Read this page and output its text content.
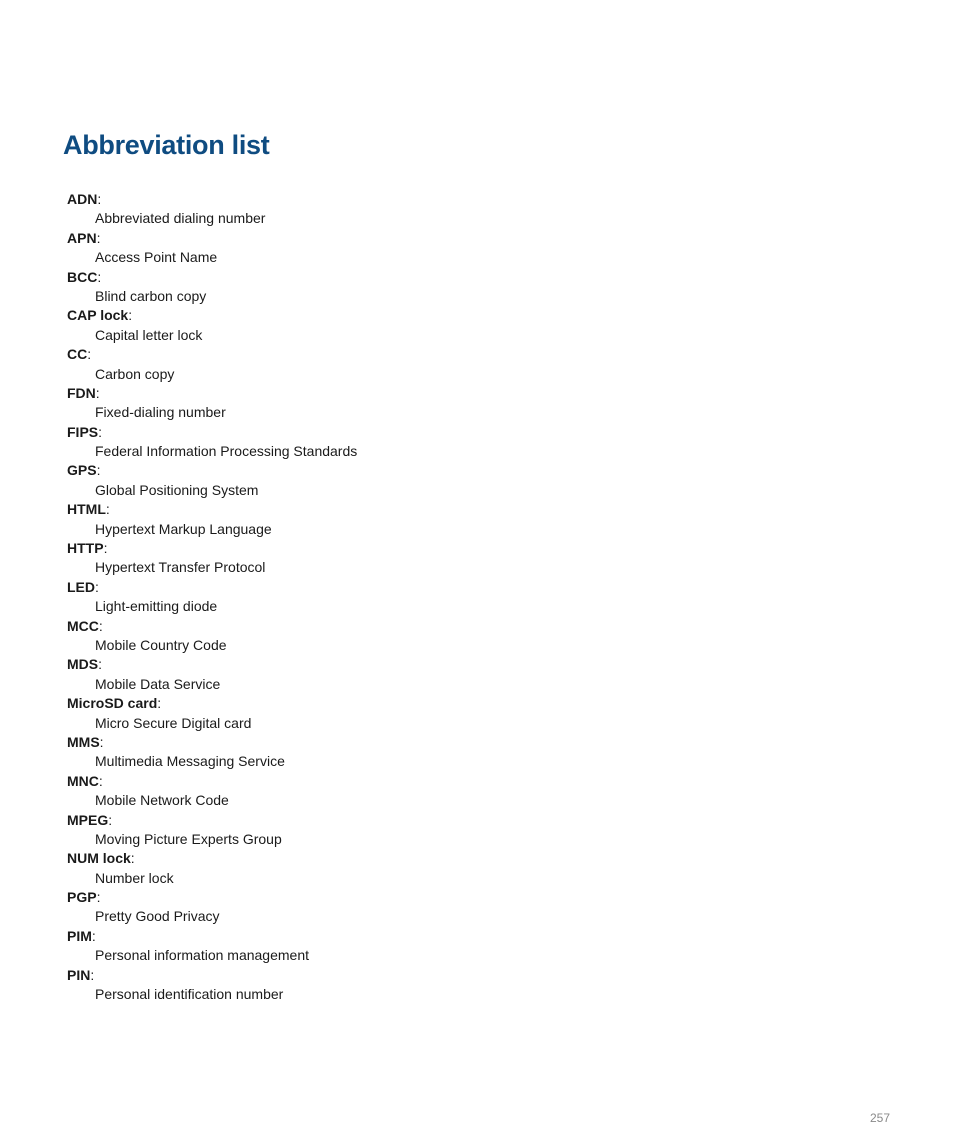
Abbreviation list
ADN:
Abbreviated dialing number
APN:
Access Point Name
BCC:
Blind carbon copy
CAP lock:
Capital letter lock
CC:
Carbon copy
FDN:
Fixed-dialing number
FIPS:
Federal Information Processing Standards
GPS:
Global Positioning System
HTML:
Hypertext Markup Language
HTTP:
Hypertext Transfer Protocol
LED:
Light-emitting diode
MCC:
Mobile Country Code
MDS:
Mobile Data Service
MicroSD card:
Micro Secure Digital card
MMS:
Multimedia Messaging Service
MNC:
Mobile Network Code
MPEG:
Moving Picture Experts Group
NUM lock:
Number lock
PGP:
Pretty Good Privacy
PIM:
Personal information management
PIN:
Personal identification number
257
